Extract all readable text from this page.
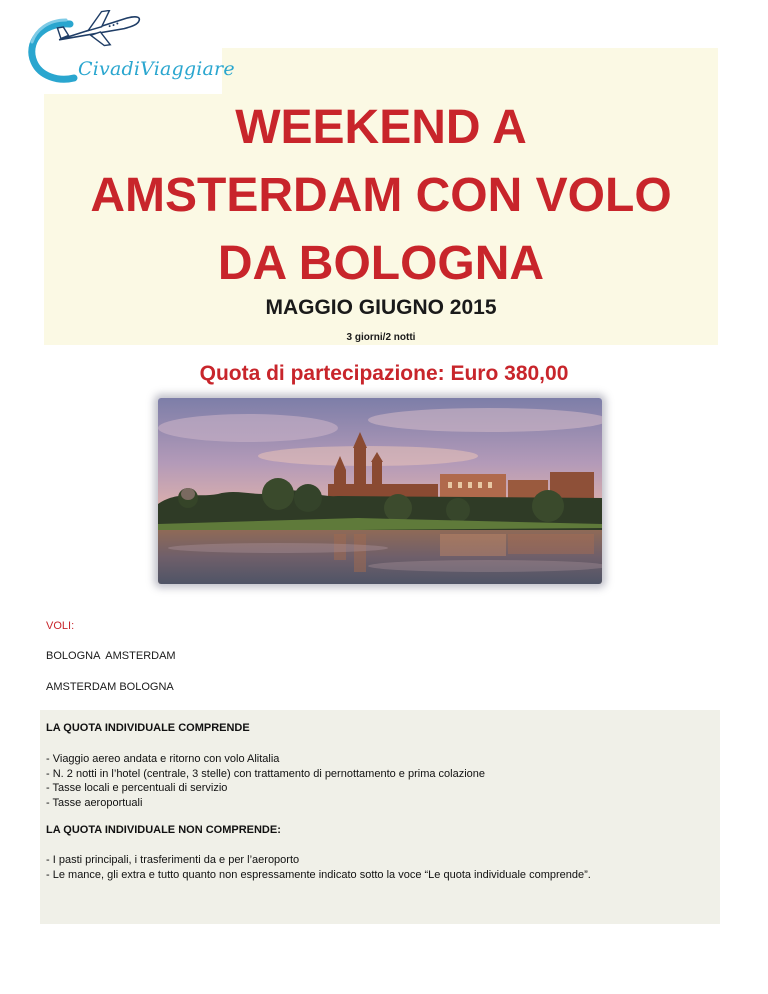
CivadiViaggiare
WEEKEND A
AMSTERDAM CON VOLO
DA BOLOGNA
MAGGIO GIUGNO 2015
3 giorni/2 notti
Quota di partecipazione: Euro 380,00
VOLI:
BOLOGNA  AMSTERDAM
AMSTERDAM BOLOGNA
LA QUOTA INDIVIDUALE COMPRENDE
- Viaggio aereo andata e ritorno con volo Alitalia
- N. 2 notti in l’hotel (centrale, 3 stelle) con trattamento di pernottamento e prima colazione
- Tasse locali e percentuali di servizio
- Tasse aeroportuali
LA QUOTA INDIVIDUALE NON COMPRENDE:
- I pasti principali, i trasferimenti da e per l’aeroporto
- Le mance, gli extra e tutto quanto non espressamente indicato sotto la voce “Le quota individuale comprende”.
